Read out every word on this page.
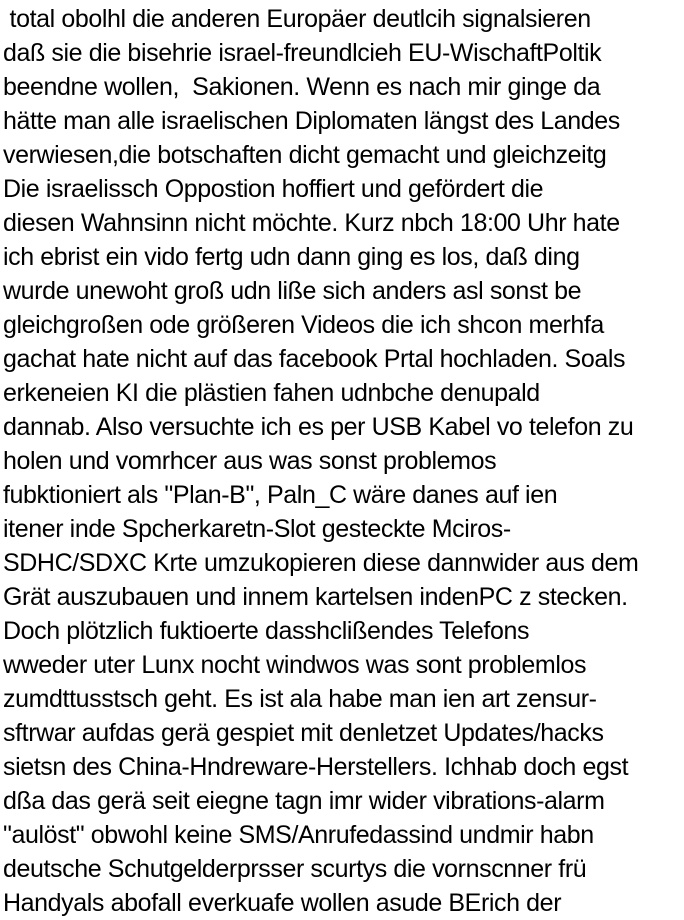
total obolhl die anderen Europäer deutlcih signalsieren
daß sie die bisehrie israel-freundlcieh EU-WischaftPoltik
beendne wollen,  Sakionen. Wenn es nach mir ginge da
hätte man alle israelischen Diplomaten längst des Landes
verwiesen,die botschaften dicht gemacht und gleichzeitg
Die israelissch Oppostion hoffiert und gefördert die
diesen Wahnsinn nicht möchte. Kurz nbch 18:00 Uhr hate
ich ebrist ein vido fertg udn dann ging es los, daß ding
wurde unewoht groß udn liße sich anders asl sonst be
gleichgroßen ode größeren Videos die ich shcon merhfa
gachat hate nicht auf das facebook Prtal hochladen. Soals
erkeneien KI die plästien fahen udnbche denupald
dannab. Also versuchte ich es per USB Kabel vo telefon zu
holen und vomrhcer aus was sonst problemos
fubktioniert als "Plan-B", Paln_C wäre danes auf ien
itener inde Spcherkaretn-Slot gesteckte Mciros-
SDHC/SDXC Krte umzukopieren diese dannwider aus dem
Grät auszubauen und innem kartelsen indenPC z stecken.
Doch plötzlich fuktioerte dasshclißendes Telefons
wweder uter Lunx nocht windwos was sont problemlos
zumdttusstsch geht. Es ist ala habe man ien art zensur-
sftrwar aufdas gerä gespiet mit denletzet Updates/hacks
sietsn des China-Hndreware-Herstellers. Ichhab doch egst
dßa das gerä seit eiegne tagn imr wider vibrations-alarm
"aulöst" obwohl keine SMS/Anrufedassind undmir habn
deutsche Schutgelderprsser scurtys die vornscnner frü
Handyals abofall everkuafe wollen asude BErich der
